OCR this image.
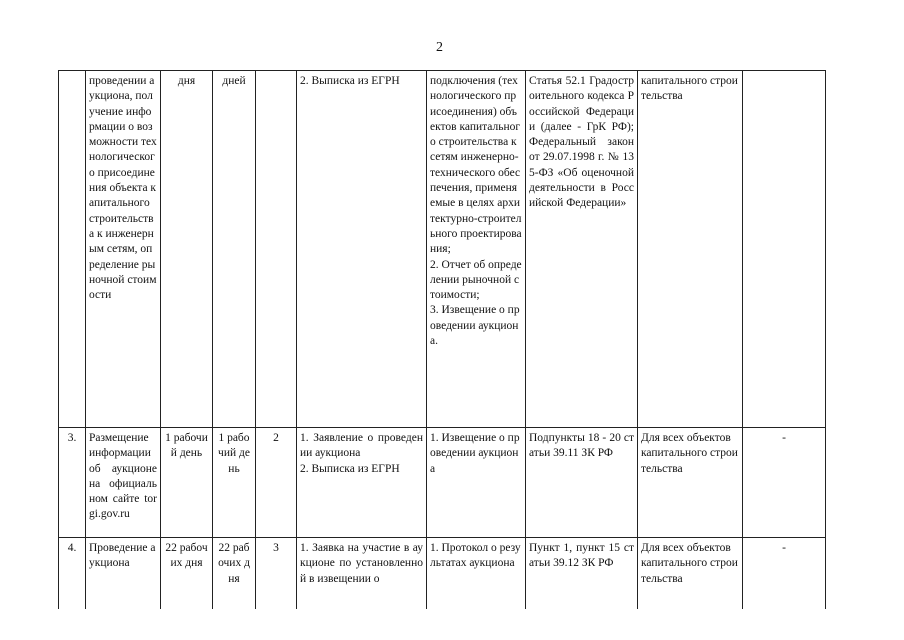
2
	проведении аукциона, получение информации о возможности технологического присоединения объекта капитального строительства к инженерным сетям, определение рыночной стоимости	дня	дней		2. Выписка из ЕГРН	подключения (технологического присоединения) объектов капитального строительства к сетям инженерно-технического обеспечения, применяемые в целях архитектурно-строительного проектирования;
2. Отчет об определении рыночной стоимости;
3. Извещение о проведении аукциона.	Статья 52.1 Градостроительного кодекса Российской Федерации (далее - ГрК РФ); Федеральный закон от 29.07.1998 г. № 135-ФЗ «Об оценочной деятельности в Российской Федерации»	капитального строительства	
3.	Размещение информации об аукционе на официальном сайте torgi.gov.ru	1 рабочий день	1 рабочий день	2	1. Заявление о проведении аукциона
2. Выписка из ЕГРН	1. Извещение о проведении аукциона	Подпункты 18 - 20 статьи 39.11 ЗК РФ	Для всех объектов капитального строительства	-
4.	Проведение аукциона	22 рабочих дня	22 рабочих дня	3	1. Заявка на участие в аукционе по установленной в извещении о	1. Протокол о результатах аукциона	Пункт 1, пункт 15 статьи 39.12 ЗК РФ	Для всех объектов капитального строительства	-
